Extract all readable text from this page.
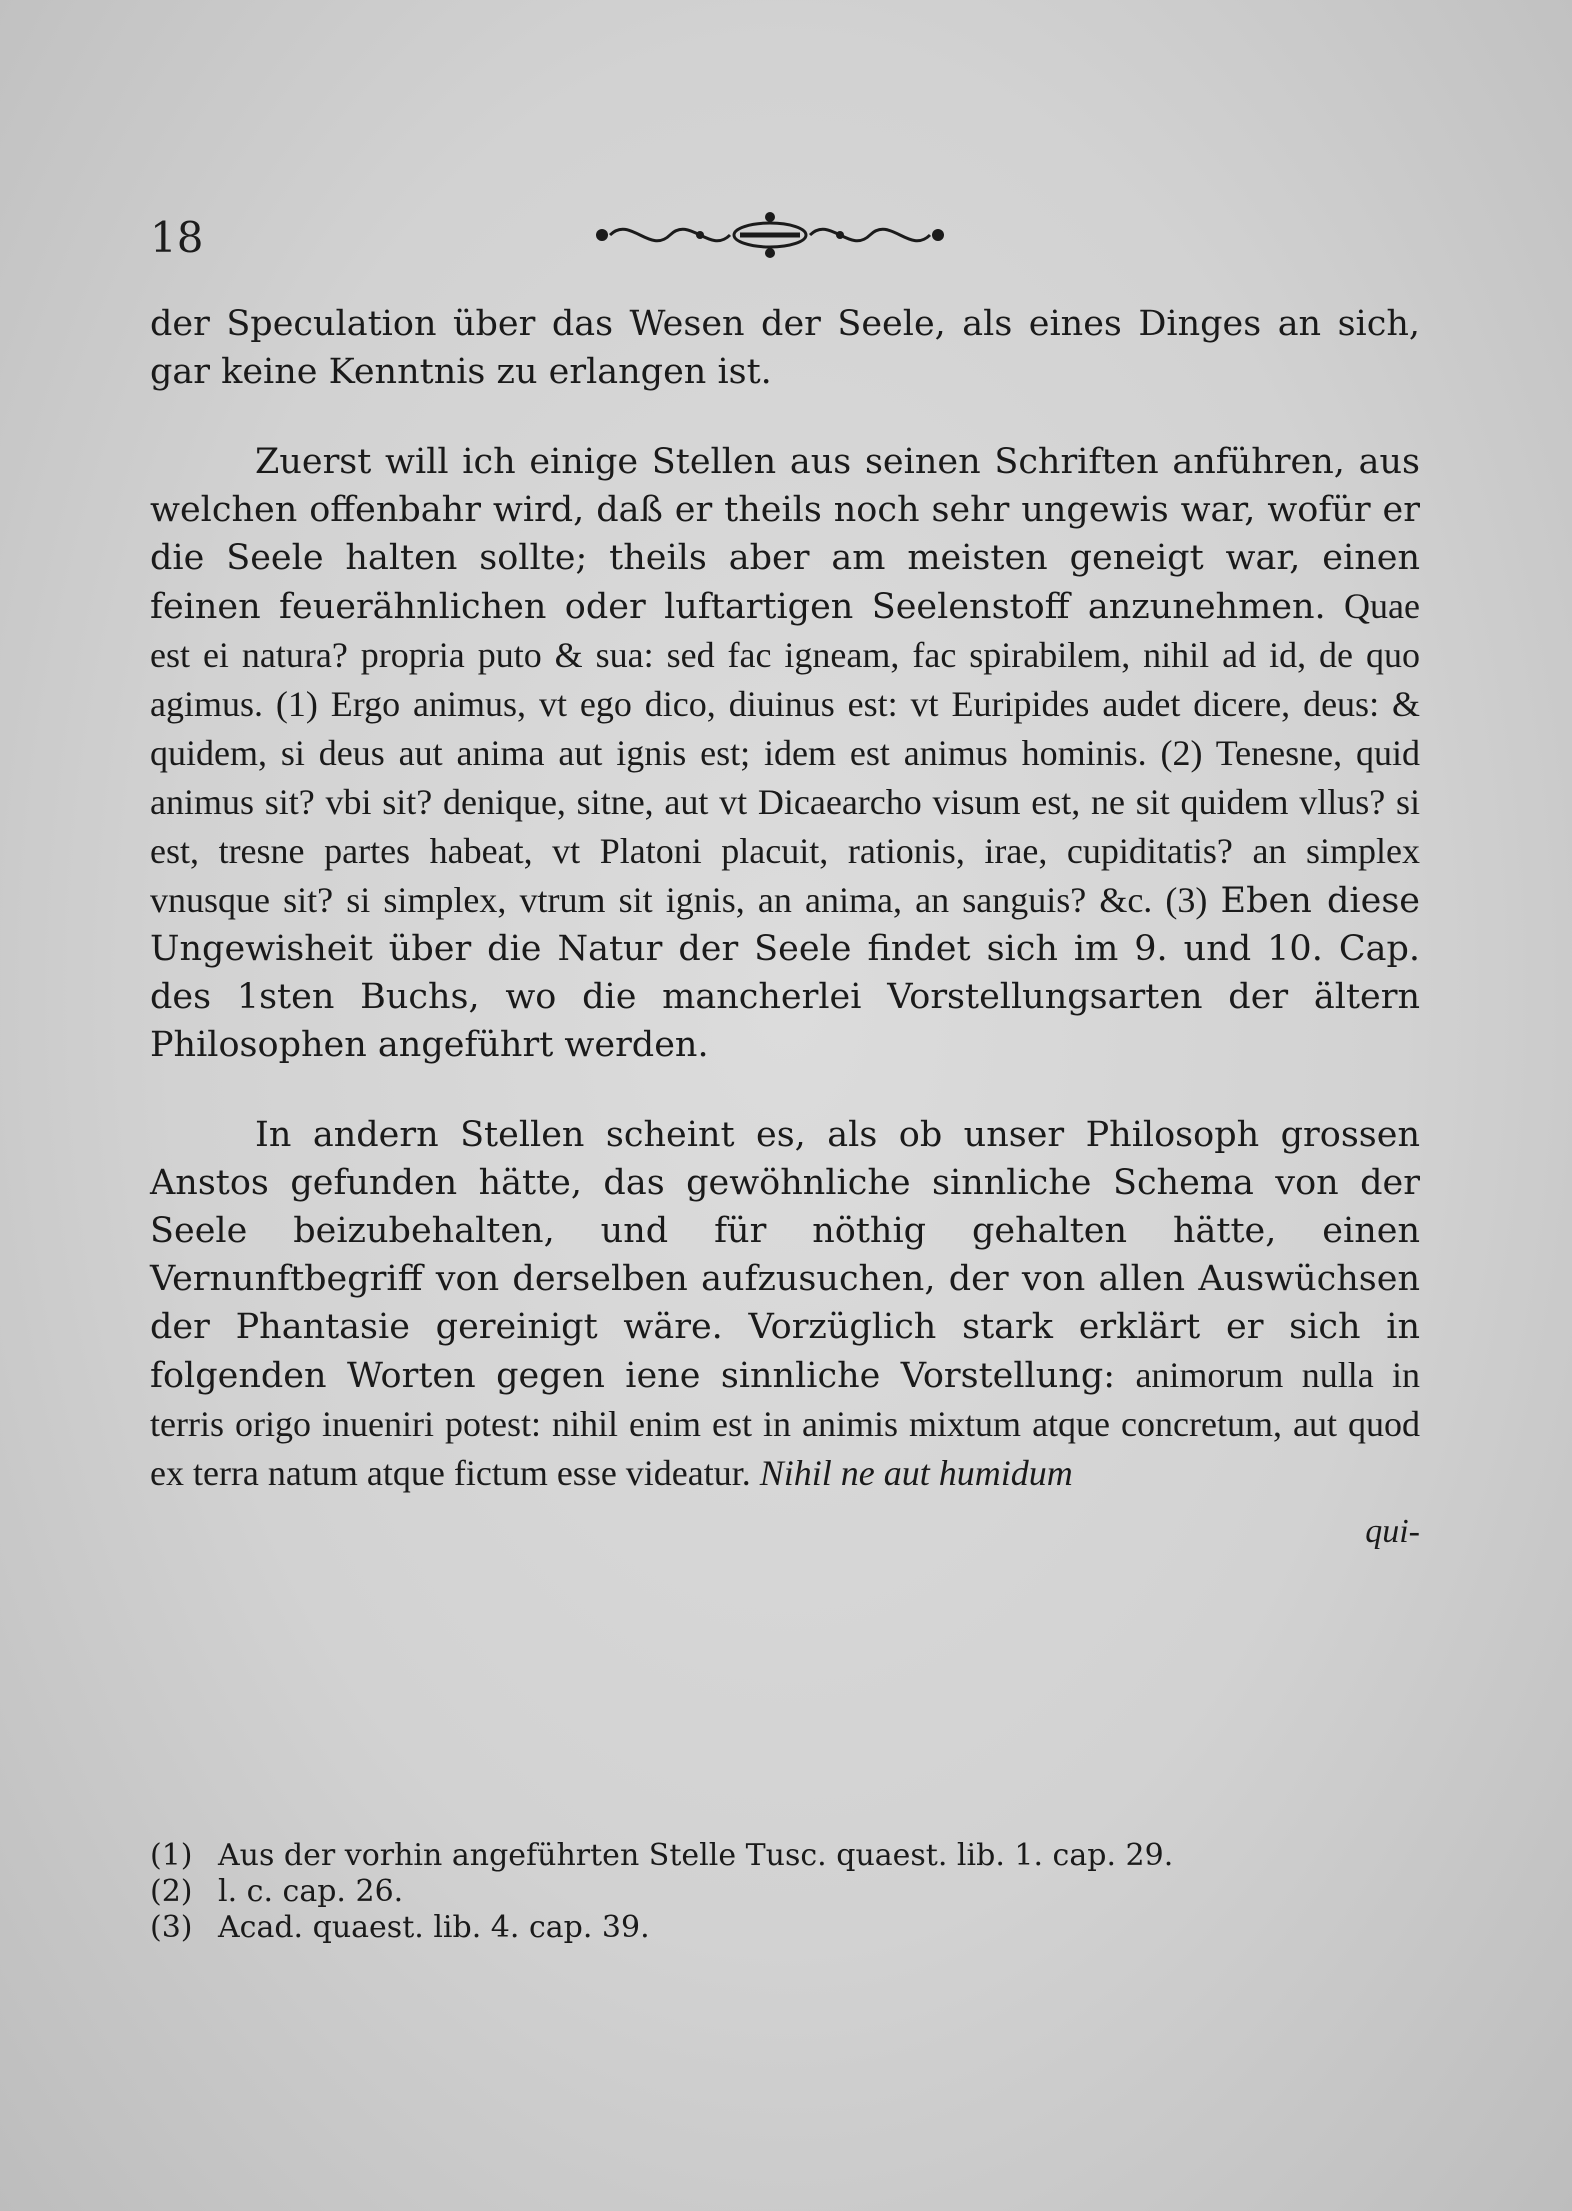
18

der Speculation über das Wesen der Seele, als eines Dinges an sich, gar keine Kenntnis zu erlangen ist.

Zuerst will ich einige Stellen aus seinen Schriften anführen, aus welchen offenbahr wird, daß er theils noch sehr ungewis war, wofür er die Seele halten sollte; theils aber am meisten geneigt war, einen feinen feuerähnlichen oder luftartigen Seelenstoff anzunehmen. Quae est ei natura? propria puto & sua: sed fac igneam, fac spirabilem, nihil ad id, de quo agimus. (1) Ergo animus, vt ego dico, diuinus est: vt Euripides audet dicere, deus: & quidem, si deus aut anima aut ignis est; idem est animus hominis. (2) Tenesne, quid animus sit? vbi sit? denique, sitne, aut vt Dicaearcho visum est, ne sit quidem vllus? si est, tresne partes habeat, vt Platoni placuit, rationis, irae, cupiditatis? an simplex vnusque sit? si simplex, vtrum sit ignis, an anima, an sanguis? &c. (3) Eben diese Ungewisheit über die Natur der Seele findet sich im 9. und 10. Cap. des 1sten Buchs, wo die mancherlei Vorstellungsarten der ältern Philosophen angeführt werden.

In andern Stellen scheint es, als ob unser Philosoph grossen Anstos gefunden hätte, das gewöhnliche sinnliche Schema von der Seele beizubehalten, und für nöthig gehalten hätte, einen Vernunftbegriff von derselben aufzusuchen, der von allen Auswüchsen der Phantasie gereinigt wäre. Vorzüglich stark erklärt er sich in folgenden Worten gegen iene sinnliche Vorstellung: animorum nulla in terris origo inueniri potest: nihil enim est in animis mixtum atque concretum, aut quod ex terra natum atque fictum esse videatur. Nihil ne aut humidum

qui-

(1) Aus der vorhin angeführten Stelle Tusc. quaest. lib. 1. cap. 29.

(2) l. c. cap. 26.

(3) Acad. quaest. lib. 4. cap. 39.
